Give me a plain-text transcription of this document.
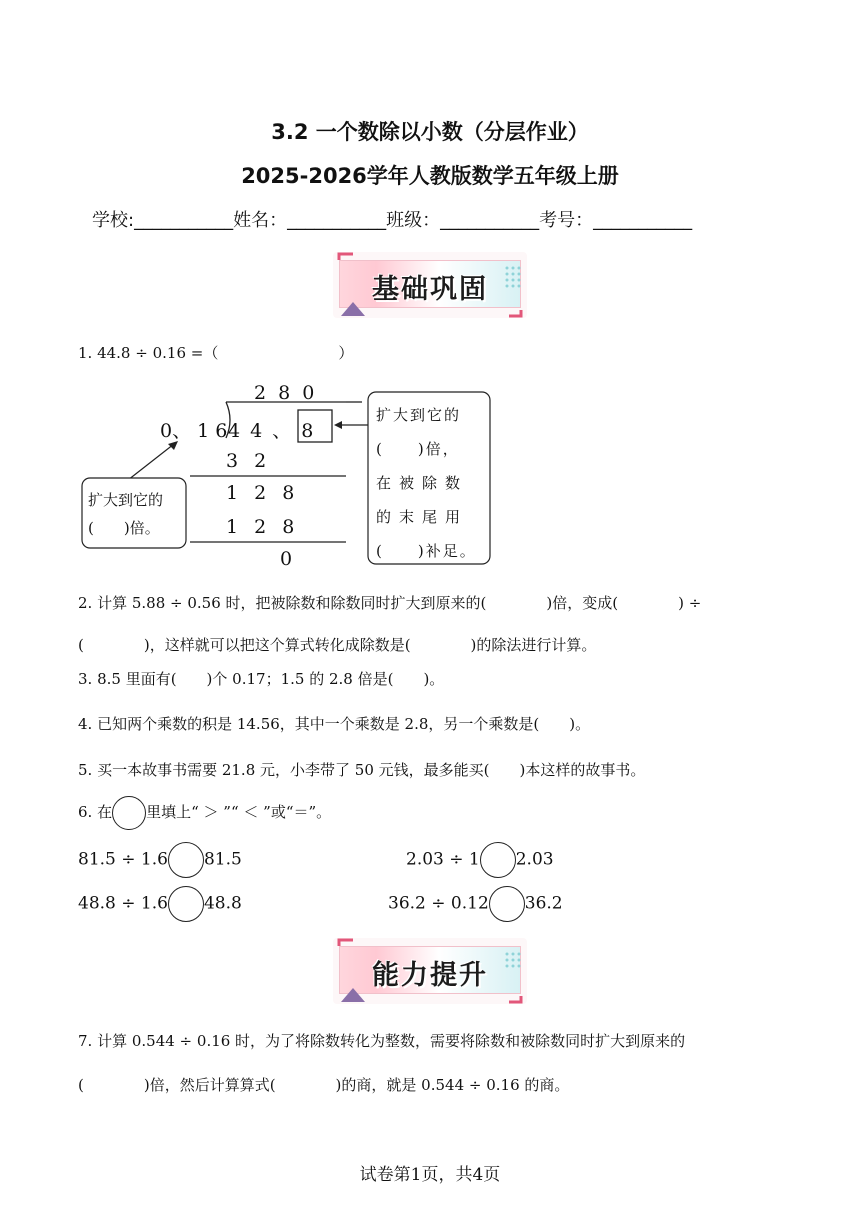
3.2 一个数除以小数（分层作业）
2025-2026学年人教版数学五年级上册
学校:___________姓名：___________班级：___________考号：___________
基础巩固
1. 44.8 ÷ 0.16 =（　　　　　　　　）
280
0、 1 6 44、8
32
128
128
0
扩大到它的
(　　)倍。
扩大到它的
(　　)倍，
在被除数
的末尾用
(　　)补足。
2. 计算 5.88 ÷ 0.56 时，把被除数和除数同时扩大到原来的(　　　　)倍，变成(　　　　) ÷
(　　　　)，这样就可以把这个算式转化成除数是(　　　　)的除法进行计算。
3. 8.5 里面有(　　)个 0.17；1.5 的 2.8 倍是(　　)。
4. 已知两个乘数的积是 14.56，其中一个乘数是 2.8，另一个乘数是(　　)。
5. 买一本故事书需要 21.8 元，小李带了 50 元钱，最多能买(　　)本这样的故事书。
6. 在 里填上“ ＞ ”“ ＜ ”或“＝”。
81.5 ÷ 1.6 81.5	2.03 ÷ 1 2.03
48.8 ÷ 1.6 48.8	36.2 ÷ 0.12 36.2
能力提升
7. 计算 0.544 ÷ 0.16 时，为了将除数转化为整数，需要将除数和被除数同时扩大到原来的
(　　　　)倍，然后计算算式(　　　　)的商，就是 0.544 ÷ 0.16 的商。
试卷第1页，共4页
